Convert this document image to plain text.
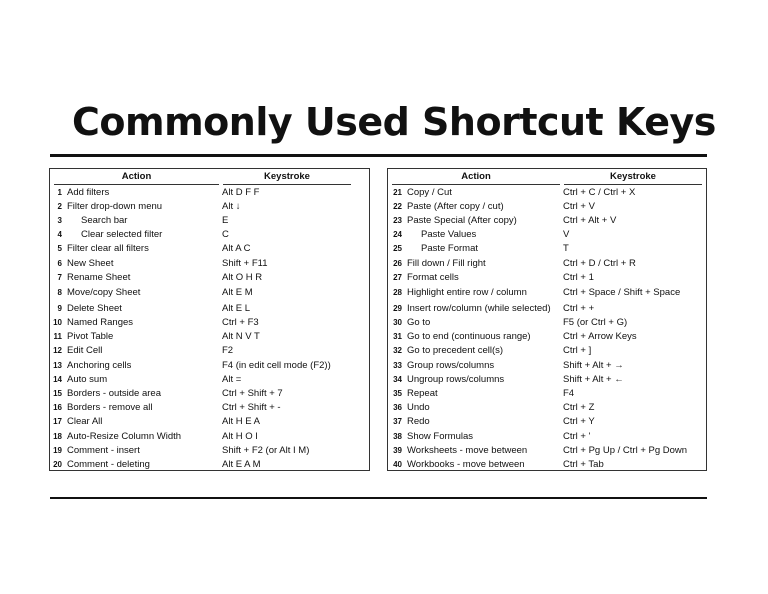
Commonly Used Shortcut Keys
Action	Keystroke
1 Add filters	Alt D F F
2 Filter drop-down menu	Alt ↓
3	Search bar	E
4	Clear selected filter	C
5 Filter clear all filters	Alt A C
6 New Sheet	Shift + F11
7 Rename Sheet	Alt O H R
8 Move/copy Sheet	Alt E M
9 Delete Sheet	Alt E L
10 Named Ranges	Ctrl + F3
11 Pivot Table	Alt N V T
12 Edit Cell	F2
13 Anchoring cells	F4 (in edit cell mode (F2))
14 Auto sum	Alt =
15 Borders - outside area	Ctrl + Shift + 7
16 Borders - remove all	Ctrl + Shift + -
17 Clear All	Alt H E A
18 Auto-Resize Column Width	Alt H O I
19 Comment - insert	Shift + F2 (or Alt I M)
20 Comment - deleting	Alt E A M
Action	Keystroke
21 Copy / Cut	Ctrl + C / Ctrl + X
22 Paste (After copy / cut)	Ctrl + V
23 Paste Special (After copy)	Ctrl + Alt + V
24	Paste Values	V
25	Paste Format	T
26 Fill down / Fill right	Ctrl + D / Ctrl + R
27 Format cells	Ctrl + 1
28 Highlight entire row / column	Ctrl + Space / Shift + Space
29 Insert row/column (while selected)	Ctrl + +
30 Go to	F5 (or Ctrl + G)
31 Go to end (continuous range)	Ctrl + Arrow Keys
32 Go to precedent cell(s)	Ctrl + ]
33 Group rows/columns	Shift + Alt + →
34 Ungroup rows/columns	Shift + Alt + ←
35 Repeat	F4
36 Undo	Ctrl + Z
37 Redo	Ctrl + Y
38 Show Formulas	Ctrl + '
39 Worksheets - move between	Ctrl + Pg Up / Ctrl + Pg Down
40 Workbooks - move between	Ctrl + Tab
